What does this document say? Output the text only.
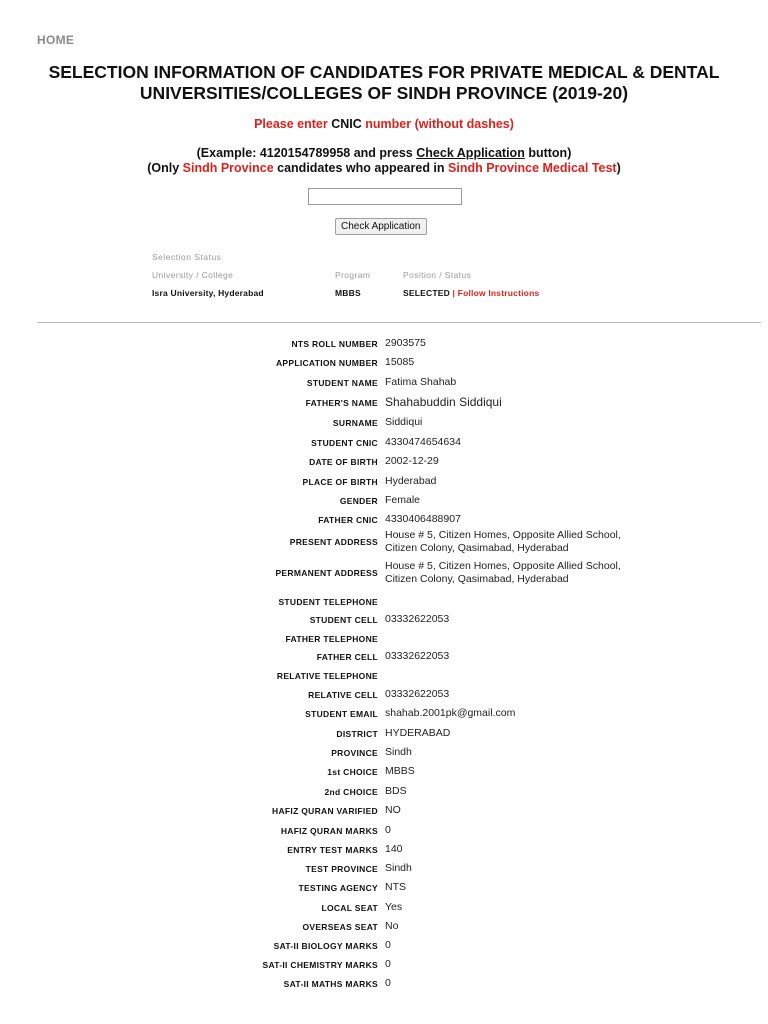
HOME
SELECTION INFORMATION OF CANDIDATES FOR PRIVATE MEDICAL & DENTAL
UNIVERSITIES/COLLEGES OF SINDH PROVINCE (2019-20)
Please enter CNIC number (without dashes)
(Example: 4120154789958 and press Check Application button)
(Only Sindh Province candidates who appeared in Sindh Province Medical Test)
Check Application
Selection Status
University / College	Program	Position / Status
Isra University, Hyderabad	MBBS	SELECTED | Follow Instructions
NTS ROLL NUMBER 2903575
APPLICATION NUMBER 15085
STUDENT NAME Fatima Shahab
FATHER'S NAME Shahabuddin Siddiqui
SURNAME Siddiqui
STUDENT CNIC 4330474654634
DATE OF BIRTH 2002-12-29
PLACE OF BIRTH Hyderabad
GENDER Female
FATHER CNIC 4330406488907
PRESENT ADDRESS
House # 5, Citizen Homes, Opposite Allied School, Citizen Colony, Qasimabad, Hyderabad
PERMANENT ADDRESS
House # 5, Citizen Homes, Opposite Allied School, Citizen Colony, Qasimabad, Hyderabad
STUDENT TELEPHONE
STUDENT CELL 03332622053
FATHER TELEPHONE
FATHER CELL 03332622053
RELATIVE TELEPHONE
RELATIVE CELL 03332622053
STUDENT EMAIL shahab.2001pk@gmail.com
DISTRICT HYDERABAD
PROVINCE Sindh
1st CHOICE MBBS
2nd CHOICE BDS
HAFIZ QURAN VARIFIED NO
HAFIZ QURAN MARKS 0
ENTRY TEST MARKS 140
TEST PROVINCE Sindh
TESTING AGENCY NTS
LOCAL SEAT Yes
OVERSEAS SEAT No
SAT-II BIOLOGY MARKS 0
SAT-II CHEMISTRY MARKS 0
SAT-II MATHS MARKS 0
